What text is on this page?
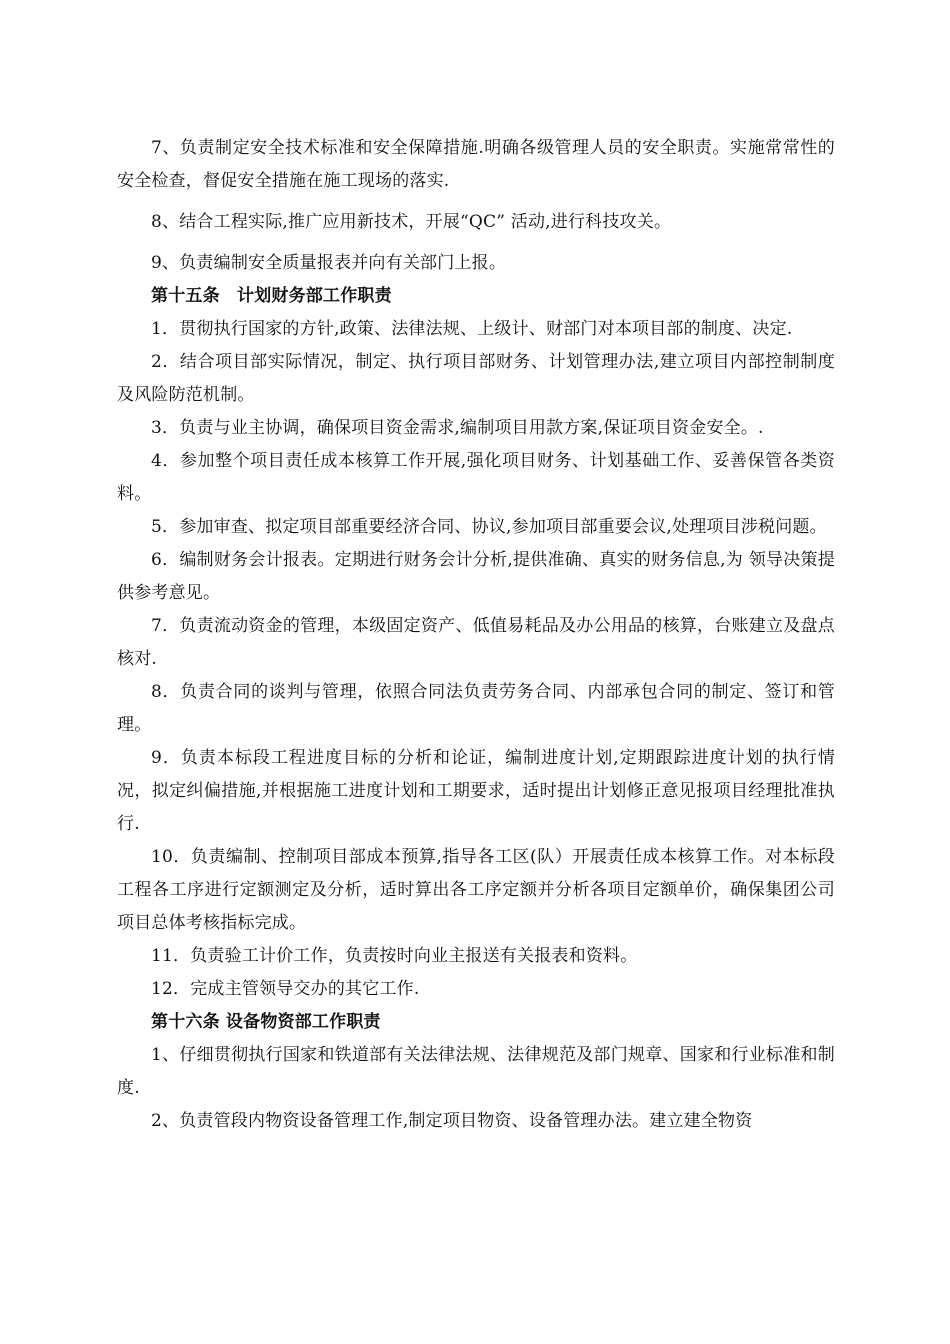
7、负责制定安全技术标准和安全保障措施.明确各级管理人员的安全职责。实施常常性的安全检查，督促安全措施在施工现场的落实.

8、结合工程实际,推广应用新技术，开展“QC” 活动,进行科技攻关。

9、负责编制安全质量报表并向有关部门上报。

第十五条　计划财务部工作职责

1．贯彻执行国家的方针,政策、法律法规、上级计、财部门对本项目部的制度、决定.

2．结合项目部实际情况，制定、执行项目部财务、计划管理办法,建立项目内部控制制度及风险防范机制。

3．负责与业主协调，确保项目资金需求,编制项目用款方案,保证项目资金安全。.

4．参加整个项目责任成本核算工作开展,强化项目财务、计划基础工作、妥善保管各类资料。

5．参加审查、拟定项目部重要经济合同、协议,参加项目部重要会议,处理项目涉税问题。

6．编制财务会计报表。定期进行财务会计分析,提供准确、真实的财务信息,为 领导决策提供参考意见。

7．负责流动资金的管理，本级固定资产、低值易耗品及办公用品的核算，台账建立及盘点核对.

8．负责合同的谈判与管理，依照合同法负责劳务合同、内部承包合同的制定、签订和管理。

9．负责本标段工程进度目标的分析和论证，编制进度计划,定期跟踪进度计划的执行情况，拟定纠偏措施,并根据施工进度计划和工期要求，适时提出计划修正意见报项目经理批准执行.

10．负责编制、控制项目部成本预算,指导各工区(队）开展责任成本核算工作。对本标段工程各工序进行定额测定及分析，适时算出各工序定额并分析各项目定额单价，确保集团公司项目总体考核指标完成。

11．负责验工计价工作，负责按时向业主报送有关报表和资料。

12．完成主管领导交办的其它工作.

第十六条 设备物资部工作职责

1、仔细贯彻执行国家和铁道部有关法律法规、法律规范及部门规章、国家和行业标准和制度.

2、负责管段内物资设备管理工作,制定项目物资、设备管理办法。建立建全物资
